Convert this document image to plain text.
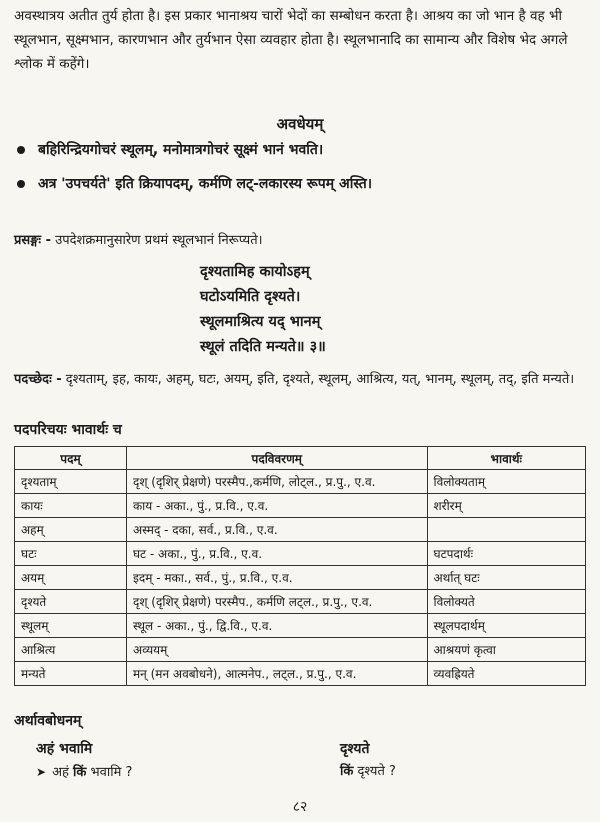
अवस्थात्रय अतीत तुर्य होता है। इस प्रकार भानाश्रय चारों भेदों का सम्बोधन करता है। आश्रय का जो भान है वह भी स्थूलभान, सूक्ष्मभान, कारणभान और तुर्यभान ऐसा व्यवहार होता है। स्थूलभानादि का सामान्य और विशेष भेद अगले श्लोक में कहेंगे।

अवधेयम्
बहिरिन्द्रियगोचरं स्थूलम्, मनोमात्रगोचरं सूक्ष्मं भानं भवति।
अत्र 'उपचर्यते' इति क्रियापदम्, कर्मणि लट्-लकारस्य रूपम् अस्ति।

प्रसङ्गः - उपदेशक्रमानुसारेण प्रथमं स्थूलभानं निरूप्यते।

दृश्यतामिह कायोऽहम्
घटोऽयमिति दृश्यते।
स्थूलमाश्रित्य यद् भानम्
स्थूलं तदिति मन्यते॥ ३॥

पदच्छेदः - दृश्यताम्, इह, कायः, अहम्, घटः, अयम्, इति, दृश्यते, स्थूलम्, आश्रित्य, यत्, भानम्, स्थूलम्, तद्, इति मन्यते।

पदपरिचयः भावार्थः च

पदम्	पदविवरणम्	भावार्थः
दृश्यताम्	दृश् (दृशिर् प्रेक्षणे) परस्मैप.,कर्मणि, लोट्ल., प्र.पु., ए.व.	विलोक्यताम्
कायः	काय - अका., पुं., प्र.वि., ए.व.	शरीरम्
अहम्	अस्मद् - दका, सर्व., प्र.वि., ए.व.	
घटः	घट - अका., पुं., प्र.वि., ए.व.	घटपदार्थः
अयम्	इदम् - मका., सर्व., पुं., प्र.वि., ए.व.	अर्थात् घटः
दृश्यते	दृश् (दृशिर् प्रेक्षणे) परस्मैप., कर्मणि लट्ल., प्र.पु., ए.व.	विलोक्यते
स्थूलम्	स्थूल - अका., पुं., द्वि.वि., ए.व.	स्थूलपदार्थम्
आश्रित्य	अव्ययम्	आश्रयणं कृत्वा
मन्यते	मन् (मन अवबोधने), आत्मनेप., लट्ल., प्र.पु., ए.व.	व्यवह्रियते

अर्थावबोधनम्

अहं भवामि

➤ अहं किं भवामि ?

दृश्यते

किं दृश्यते ?

८२
